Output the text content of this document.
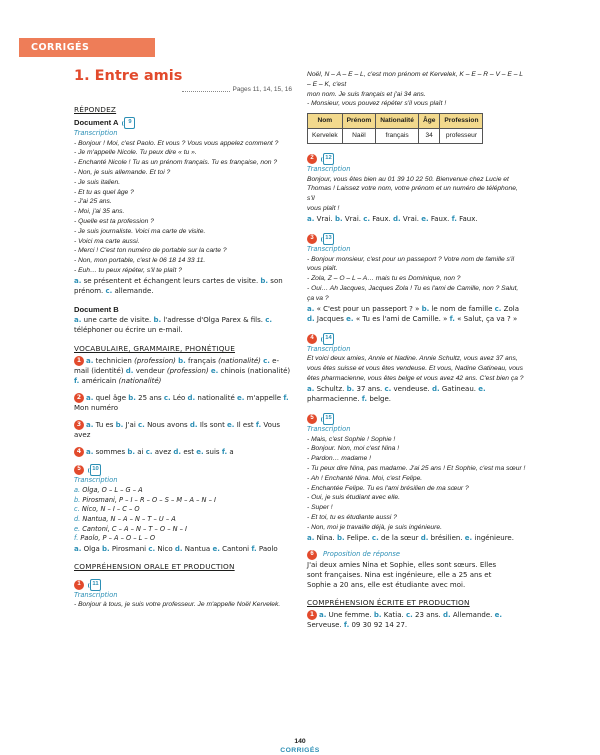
CORRIGÉS
1. Entre amis
Pages 11, 14, 15, 16
RÉPONDEZ
Document A	9
Transcription
- Bonjour ! Moi, c'est Paolo. Et vous ? Vous vous appelez comment ?
- Je m'appelle Nicole. Tu peux dire « tu ».
- Enchanté Nicole ! Tu as un prénom français. Tu es française, non ?
- Non, je suis allemande. Et toi ?
- Je suis italien.
- Et tu as quel âge ?
- J'ai 25 ans.
- Moi, j'ai 35 ans.
- Quelle est ta profession ?
- Je suis journaliste. Voici ma carte de visite.
- Voici ma carte aussi.
- Merci ! C'est ton numéro de portable sur la carte ?
- Non, mon portable, c'est le 06 18 14 33 11.
- Euh… tu peux répéter, s'il te plaît ?
a. se présentent et échangent leurs cartes de visite. b. son prénom. c. allemande.
Document B
a. une carte de visite. b. l'adresse d'Olga Parex & fils. c. téléphoner ou écrire un e-mail.
VOCABULAIRE, GRAMMAIRE, PHONÉTIQUE
1 a. technicien (profession) b. français (nationalité) c. e-mail (identité) d. vendeur (profession) e. chinois (nationalité) f. américain (nationalité)
2 a. quel âge b. 25 ans c. Léo d. nationalité e. m'appelle f. Mon numéro
3 a. Tu es b. J'ai c. Nous avons d. Ils sont e. Il est f. Vous avez
4 a. sommes b. ai c. avez d. est e. suis f. a
5	10
Transcription
a. Olga, O – L – G – A
b. Pirosmani, P – I – R – O – S – M – A – N – I
c. Nico, N – I – C – O
d. Nantua, N – A – N – T – U – A
e. Cantoni, C – A – N – T – O – N – I
f. Paolo, P – A – O – L – O
a. Olga b. Pirosmani c. Nico d. Nantua e. Cantoni f. Paolo
COMPRÉHENSION ORALE ET PRODUCTION
1	11
Transcription
- Bonjour à tous, je suis votre professeur. Je m'appelle Noël Kervelek.
Noël, N – A – E – L, c'est mon prénom et Kervelek, K – E – R – V – E – L – E – K, c'est
mon nom. Je suis français et j'ai 34 ans.
- Monsieur, vous pouvez répéter s'il vous plaît !
Nom	Prénom	Nationalité	Âge	Profession
Kervelek	Naël	français	34	professeur
2	12
Transcription
Bonjour, vous êtes bien au 01 39 10 22 50. Bienvenue chez Lucie et
Thomas ! Laissez votre nom, votre prénom et un numéro de téléphone, s'il
vous plaît !
a. Vrai. b. Vrai. c. Faux. d. Vrai. e. Faux. f. Faux.
3	13
Transcription
- Bonjour monsieur, c'est pour un passeport ? Votre nom de famille s'il
vous plaît.
- Zola, Z – O – L – A… mais tu es Dominique, non ?
- Oui… Ah Jacques, Jacques Zola ! Tu es l'ami de Camille, non ? Salut,
ça va ?
a. « C'est pour un passeport ? » b. le nom de famille c. Zola d. Jacques e. « Tu es l'ami de Camille. » f. « Salut, ça va ? »
4	14
Transcription
Et voici deux amies, Annie et Nadine. Annie Schultz, vous avez 37 ans,
vous êtes suisse et vous êtes vendeuse. Et vous, Nadine Gatineau, vous
êtes pharmacienne, vous êtes belge et vous avez 42 ans. C'est bien ça ?
a. Schultz. b. 37 ans. c. vendeuse. d. Gatineau. e. pharmacienne. f. belge.
5	15
Transcription
- Mais, c'est Sophie ! Sophie !
- Bonjour. Non, moi c'est Nina !
- Pardon… madame !
- Tu peux dire Nina, pas madame. J'ai 25 ans ! Et Sophie, c'est ma sœur !
- Ah ! Enchanté Nina. Moi, c'est Felipe.
- Enchantée Felipe. Tu es l'ami brésilien de ma sœur ?
- Oui, je suis étudiant avec elle.
- Super !
- Et toi, tu es étudiante aussi ?
- Non, moi je travaille déjà, je suis ingénieure.
a. Nina. b. Felipe. c. de la sœur d. brésilien. e. ingénieure.
6	Proposition de réponse
J'ai deux amies Nina et Sophie, elles sont sœurs. Elles
sont françaises. Nina est ingénieure, elle a 25 ans et
Sophie a 20 ans, elle est étudiante avec moi.
COMPRÉHENSION ÉCRITE ET PRODUCTION
1 a. Une femme. b. Katia. c. 23 ans. d. Allemande. e. Serveuse. f. 09 30 92 14 27.
140
CORRIGÉS
